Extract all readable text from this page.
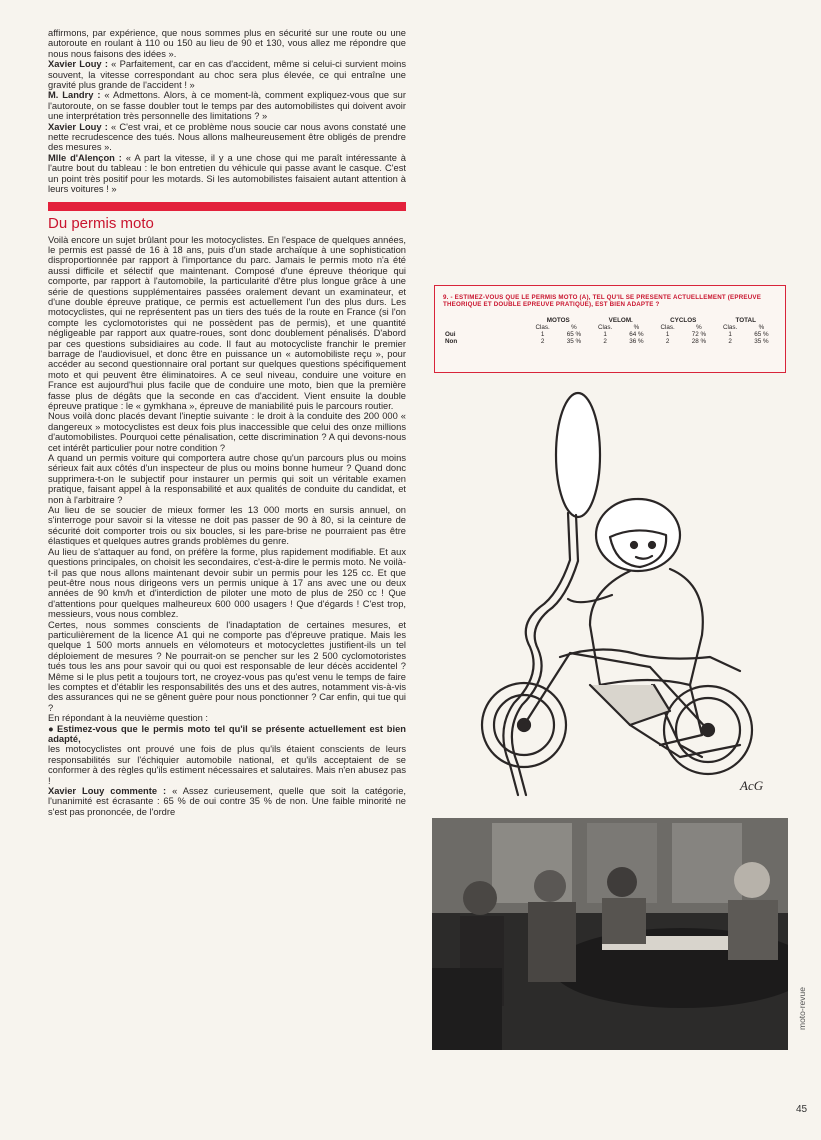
affirmons, par expérience, que nous sommes plus en sécurité sur une route ou une autoroute en roulant à 110 ou 150 au lieu de 90 et 130, vous allez me répondre que nous nous faisons des idées ».

Xavier Louy : « Parfaitement, car en cas d'accident, même si celui-ci survient moins souvent, la vitesse correspondant au choc sera plus élevée, ce qui entraîne une gravité plus grande de l'accident ! »

M. Landry : « Admettons. Alors, à ce moment-là, comment expliquez-vous que sur l'autoroute, on se fasse doubler tout le temps par des automobilistes qui doivent avoir une interprétation très personnelle des limitations ? »

Xavier Louy : « C'est vrai, et ce problème nous soucie car nous avons constaté une nette recrudescence des tués. Nous allons malheureusement être obligés de prendre des mesures ».

Mlle d'Alençon : « A part la vitesse, il y a une chose qui me paraît intéressante à l'autre bout du tableau : le bon entretien du véhicule qui passe avant le casque. C'est un point très positif pour les motards. Si les automobilistes faisaient autant attention à leurs voitures ! »

Du permis moto

Voilà encore un sujet brûlant pour les motocyclistes. En l'espace de quelques années, le permis est passé de 16 à 18 ans, puis d'un stade archaïque à une sophistication disproportionnée par rapport à l'importance du parc. Jamais le permis moto n'a été aussi difficile et sélectif que maintenant. Composé d'une épreuve théorique qui comporte, par rapport à l'automobile, la particularité d'être plus longue grâce à une série de questions supplémentaires passées oralement devant un examinateur, et d'une double épreuve pratique, ce permis est actuellement l'un des plus durs. Les motocyclistes, qui ne représentent pas un tiers des tués de la route en France (si l'on compte les cyclomotoristes qui ne possèdent pas de permis), et une quantité négligeable par rapport aux quatre-roues, sont donc doublement pénalisés. D'abord par ces questions subsidiaires au code. Il faut au motocycliste franchir le premier barrage de l'audiovisuel, et donc être en puissance un « automobiliste reçu », pour accéder au second questionnaire oral portant sur quelques questions spécifiquement moto et qui peuvent être éliminatoires. A ce seul niveau, conduire une voiture en France est aujourd'hui plus facile que de conduire une moto, bien que la première fasse plus de dégâts que la seconde en cas d'accident. Vient ensuite la double épreuve pratique : le « gymkhana », épreuve de maniabilité puis le parcours routier.

Nous voilà donc placés devant l'ineptie suivante : le droit à la conduite des 200 000 « dangereux » motocyclistes est deux fois plus inaccessible que celui des onze millions d'automobilistes. Pourquoi cette pénalisation, cette discrimination ? A qui devons-nous cet intérêt particulier pour notre condition ?

A quand un permis voiture qui comportera autre chose qu'un parcours plus ou moins sérieux fait aux côtés d'un inspecteur de plus ou moins bonne humeur ? Quand donc supprimera-t-on le subjectif pour instaurer un permis qui soit un véritable examen pratique, faisant appel à la responsabilité et aux qualités de conduite du candidat, et non à l'arbitraire ?

Au lieu de se soucier de mieux former les 13 000 morts en sursis annuel, on s'interroge pour savoir si la vitesse ne doit pas passer de 90 à 80, si la ceinture de sécurité doit comporter trois ou six boucles, si les pare-brise ne pourraient pas être élastiques et quelques autres grands problèmes du genre.

Au lieu de s'attaquer au fond, on préfère la forme, plus rapidement modifiable. Et aux questions principales, on choisit les secondaires, c'est-à-dire le permis moto. Ne voilà-t-il pas que nous allons maintenant devoir subir un permis pour les 125 cc. Et que peut-être nous nous dirigeons vers un permis unique à 17 ans avec une ou deux années de 90 km/h et d'interdiction de piloter une moto de plus de 250 cc ! Que d'attentions pour quelques malheureux 600 000 usagers ! Que d'égards ! C'est trop, messieurs, vous nous comblez.

Certes, nous sommes conscients de l'inadaptation de certaines mesures, et particulièrement de la licence A1 qui ne comporte pas d'épreuve pratique. Mais les quelque 1 500 morts annuels en vélomoteurs et motocyclettes justifient-ils un tel déploiement de mesures ? Ne pourrait-on se pencher sur les 2 500 cyclomotoristes tués tous les ans pour savoir qui ou quoi est responsable de leur décès accidentel ? Même si le plus petit a toujours tort, ne croyez-vous pas qu'est venu le temps de faire les comptes et d'établir les responsabilités des uns et des autres, notamment vis-à-vis des assurances qui ne se gênent guère pour nous ponctionner ? Car enfin, qui tue qui ?

En répondant à la neuvième question :

● Estimez-vous que le permis moto tel qu'il se présente actuellement est bien adapté,

les motocyclistes ont prouvé une fois de plus qu'ils étaient conscients de leurs responsabilités sur l'échiquier automobile national, et qu'ils acceptaient de se conformer à des règles qu'ils estiment nécessaires et salutaires. Mais n'en abusez pas !

Xavier Louy commente : « Assez curieusement, quelle que soit la catégorie, l'unanimité est écrasante : 65 % de oui contre 35 % de non. Une faible minorité ne s'est pas prononcée, de l'ordre

9. - ESTIMEZ-VOUS QUE LE PERMIS MOTO (A), TEL QU'IL SE PRESENTE ACTUELLEMENT (EPREUVE THEORIQUE ET DOUBLE EPREUVE PRATIQUE), EST BIEN ADAPTE ?
	MOTOS		VELOM.		CYCLOS		TOTAL	
	Clas.	%	Clas.	%	Clas.	%	Clas.	%
Oui	1	65 %	1	64 %	1	72 %	1	65 %
Non	2	35 %	2	36 %	2	28 %	2	35 %
AcG
moto-revue
45
